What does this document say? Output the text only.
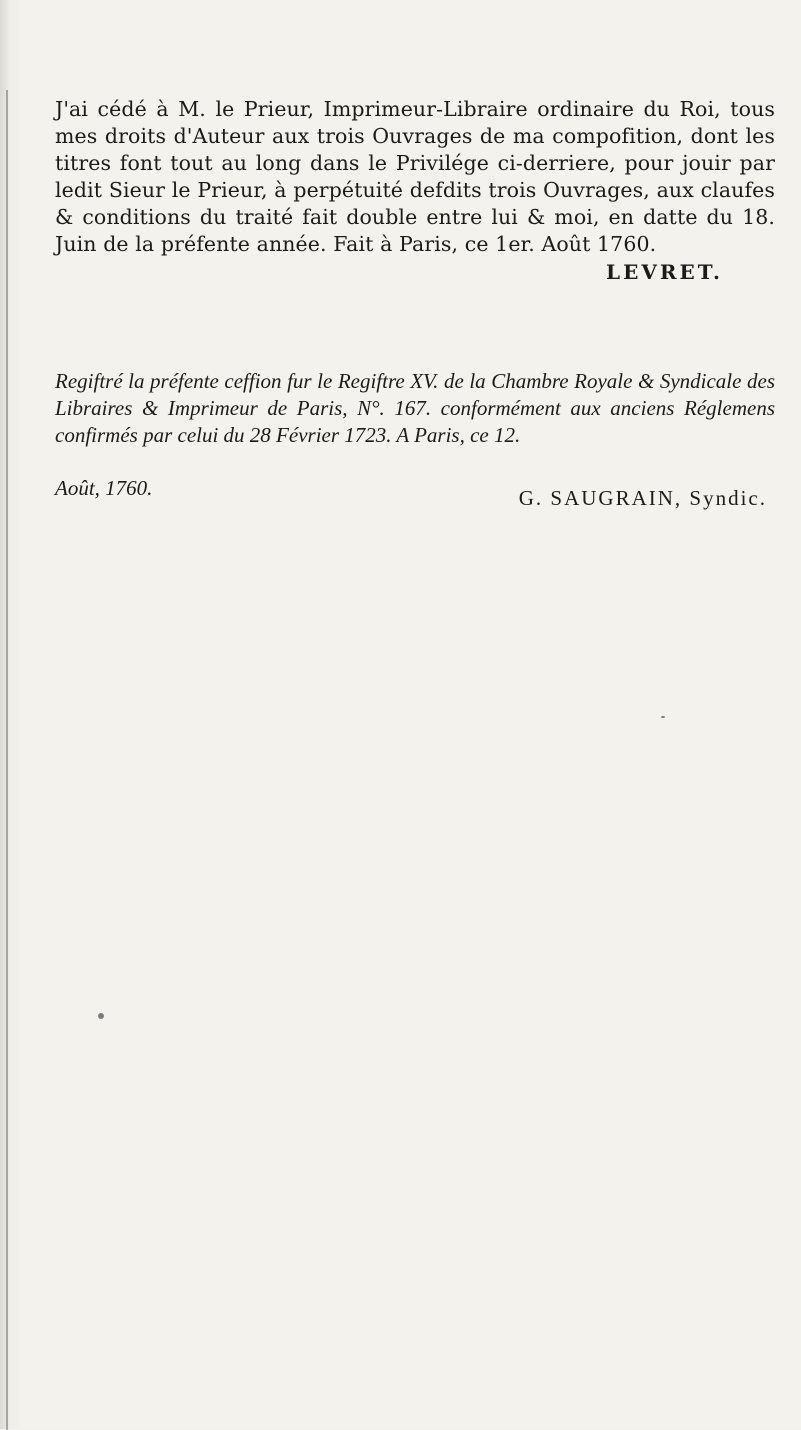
J'ai cédé à M. le Prieur, Imprimeur-Libraire ordinaire du Roi, tous mes droits d'Auteur aux trois Ouvrages de ma compofition, dont les titres font tout au long dans le Privilége ci-derriere, pour jouir par ledit Sieur le Prieur, à perpétuité defdits trois Ouvrages, aux claufes & conditions du traité fait double entre lui & moi, en datte du 18. Juin de la préfente année. Fait à Paris, ce 1er. Août 1760.

LEVRET.

Regiftré la préfente ceffion fur le Regiftre XV. de la Chambre Royale & Syndicale des Libraires & Imprimeur de Paris, N°. 167. conformément aux anciens Réglemens confirmés par celui du 28 Février 1723. A Paris, ce 12.

Août, 1760.	G. SAUGRAIN, Syndic.
